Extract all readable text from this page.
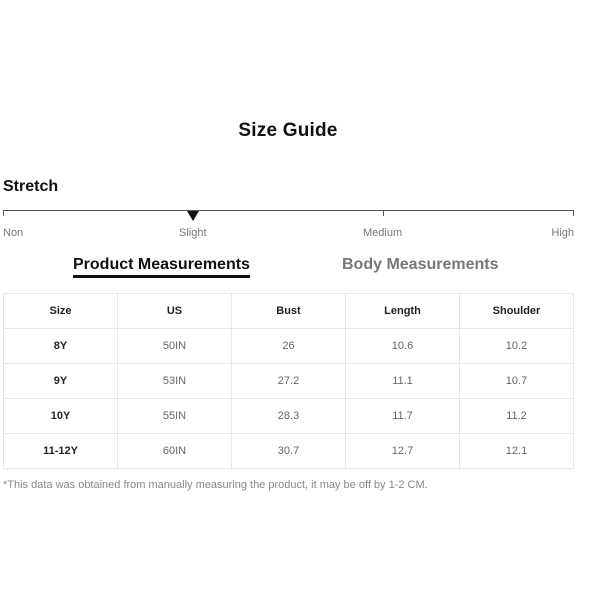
Size Guide
Stretch
Non	Slight	Medium	High
Product Measurements	Body Measurements
Size	US	Bust	Length	Shoulder
8Y	50IN	26	10.6	10.2
9Y	53IN	27.2	11.1	10.7
10Y	55IN	28.3	11.7	11.2
11-12Y	60IN	30.7	12.7	12.1
*This data was obtained from manually measuring the product, it may be off by 1-2 CM.
